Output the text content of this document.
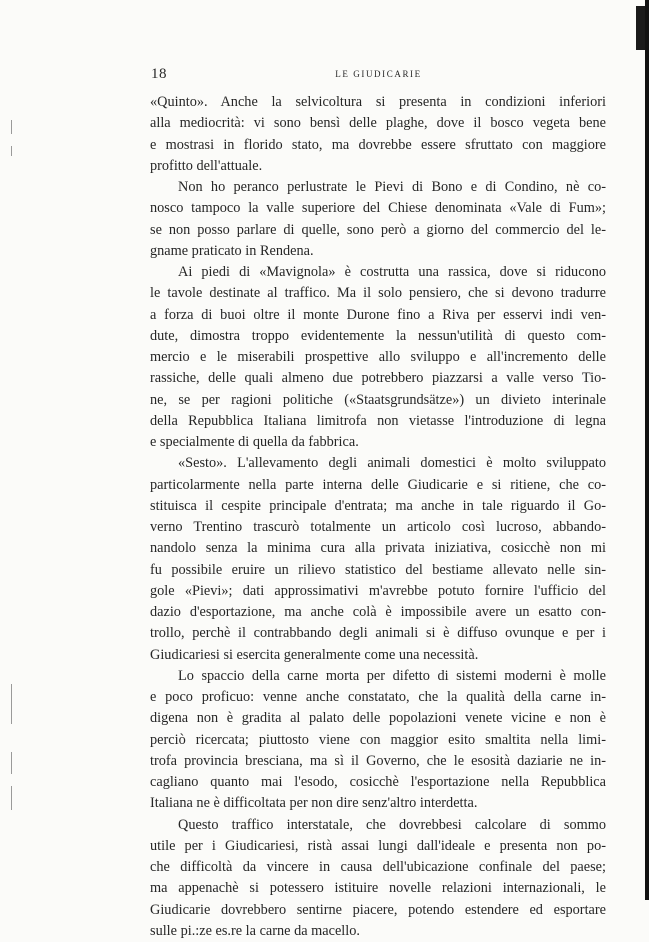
18	LE GIUDICARIE
«Quinto». Anche la selvicoltura si presenta in condizioni inferiori
alla mediocrità: vi sono bensì delle plaghe, dove il bosco vegeta bene
e mostrasi in florido stato, ma dovrebbe essere sfruttato con maggiore
profitto dell'attuale.
Non ho peranco perlustrate le Pievi di Bono e di Condino, nè co-
nosco tampoco la valle superiore del Chiese denominata «Vale di Fum»;
se non posso parlare di quelle, sono però a giorno del commercio del le-
gname praticato in Rendena.
Ai piedi di «Mavignola» è costrutta una rassica, dove si riducono
le tavole destinate al traffico. Ma il solo pensiero, che si devono tradurre
a forza di buoi oltre il monte Durone fino a Riva per esservi indi ven-
dute, dimostra troppo evidentemente la nessun'utilità di questo com-
mercio e le miserabili prospettive allo sviluppo e all'incremento delle
rassiche, delle quali almeno due potrebbero piazzarsi a valle verso Tio-
ne, se per ragioni politiche («Staatsgrundsätze») un divieto interinale
della Repubblica Italiana limitrofa non vietasse l'introduzione di legna
e specialmente di quella da fabbrica.
«Sesto». L'allevamento degli animali domestici è molto sviluppato
particolarmente nella parte interna delle Giudicarie e si ritiene, che co-
stituisca il cespite principale d'entrata; ma anche in tale riguardo il Go-
verno Trentino trascurò totalmente un articolo così lucroso, abbando-
nandolo senza la minima cura alla privata iniziativa, cosicchè non mi
fu possibile eruire un rilievo statistico del bestiame allevato nelle sin-
gole «Pievi»; dati approssimativi m'avrebbe potuto fornire l'ufficio del
dazio d'esportazione, ma anche colà è impossibile avere un esatto con-
trollo, perchè il contrabbando degli animali si è diffuso ovunque e per i
Giudicariesi si esercita generalmente come una necessità.
Lo spaccio della carne morta per difetto di sistemi moderni è molle
e poco proficuo: venne anche constatato, che la qualità della carne in-
digena non è gradita al palato delle popolazioni venete vicine e non è
perciò ricercata; piuttosto viene con maggior esito smaltita nella limi-
trofa provincia bresciana, ma sì il Governo, che le esosità daziarie ne in-
cagliano quanto mai l'esodo, cosicchè l'esportazione nella Repubblica
Italiana ne è difficoltata per non dire senz'altro interdetta.
Questo traffico interstatale, che dovrebbesi calcolare di sommo
utile per i Giudicariesi, ristà assai lungi dall'ideale e presenta non po-
che difficoltà da vincere in causa dell'ubicazione confinale del paese;
ma appenachè si potessero istituire novelle relazioni internazionali, le
Giudicarie dovrebbero sentirne piacere, potendo estendere ed esportare
sulle pi.:ze es.re la carne da macello.
